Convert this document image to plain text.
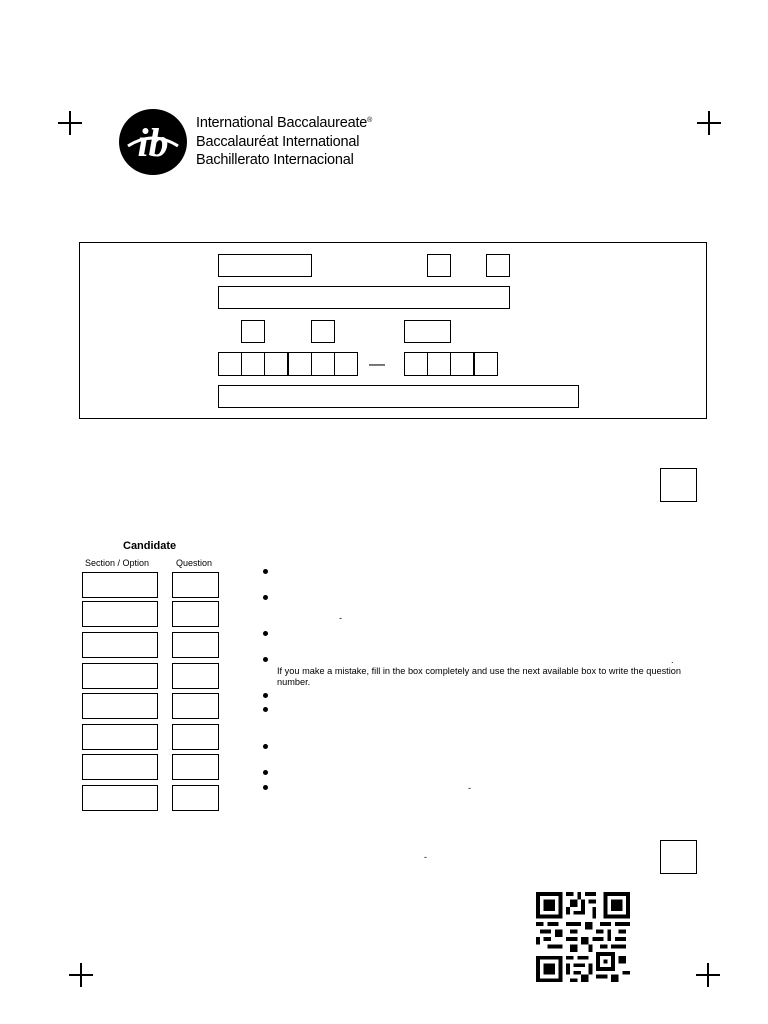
ib International Baccalaureate®
Baccalauréat International
Bachillerato Internacional
—
Candidate
Section / Option	Question
-
. If you make a mistake, fill in the box completely and use the next available box to write the question number.
-
-
